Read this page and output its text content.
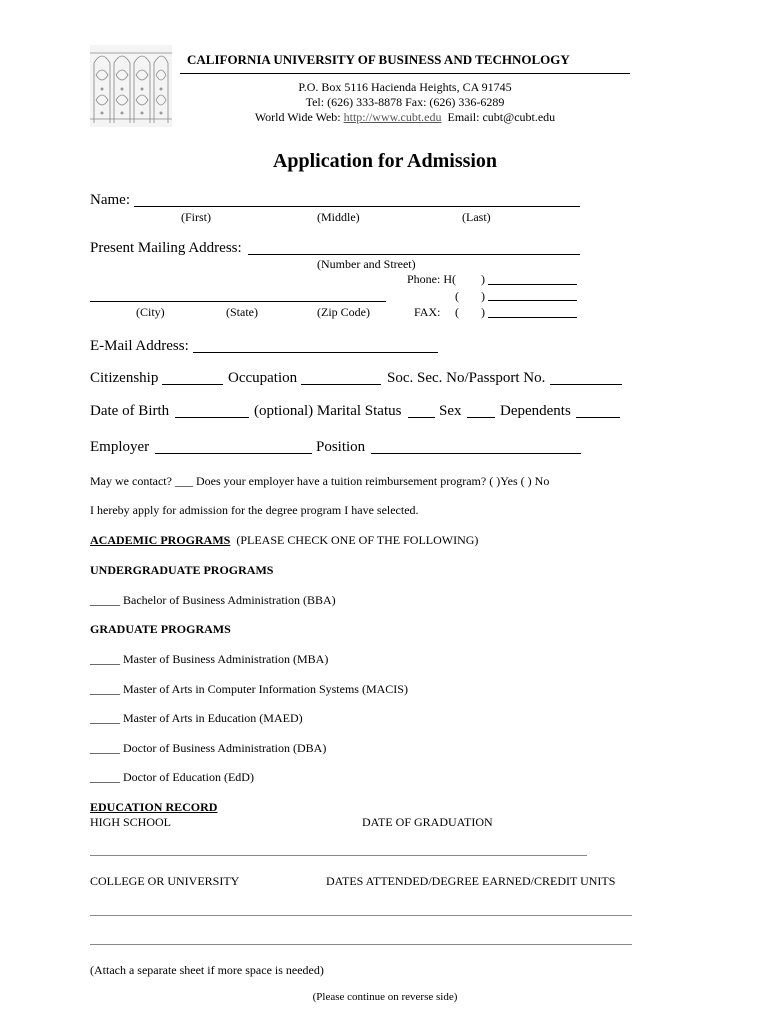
CALIFORNIA UNIVERSITY OF BUSINESS AND TECHNOLOGY
P.O. Box 5116 Hacienda Heights, CA 91745
Tel: (626) 333-8878 Fax: (626) 336-6289
World Wide Web: http://www.cubt.edu Email: cubt@cubt.edu
Application for Admission
Name:
(First)	(Middle)	(Last)
Present Mailing Address:
(Number and Street)
Phone: H( )
( )
(City)	(State)	(Zip Code)	FAX: ( )
E-Mail Address:
Citizenship	Occupation	Soc. Sec. No/Passport No.
Date of Birth	(optional) Marital Status	Sex	Dependents
Employer	Position
May we contact? ___ Does your employer have a tuition reimbursement program? ( )Yes ( ) No
I hereby apply for admission for the degree program I have selected.
ACADEMIC PROGRAMS (PLEASE CHECK ONE OF THE FOLLOWING)
UNDERGRADUATE PROGRAMS
_____ Bachelor of Business Administration (BBA)
GRADUATE PROGRAMS
_____ Master of Business Administration (MBA)
_____ Master of Arts in Computer Information Systems (MACIS)
_____ Master of Arts in Education (MAED)
_____ Doctor of Business Administration (DBA)
_____ Doctor of Education (EdD)
EDUCATION RECORD
HIGH SCHOOL	DATE OF GRADUATION
COLLEGE OR UNIVERSITY	DATES ATTENDED/DEGREE EARNED/CREDIT UNITS
(Attach a separate sheet if more space is needed)
(Please continue on reverse side)
